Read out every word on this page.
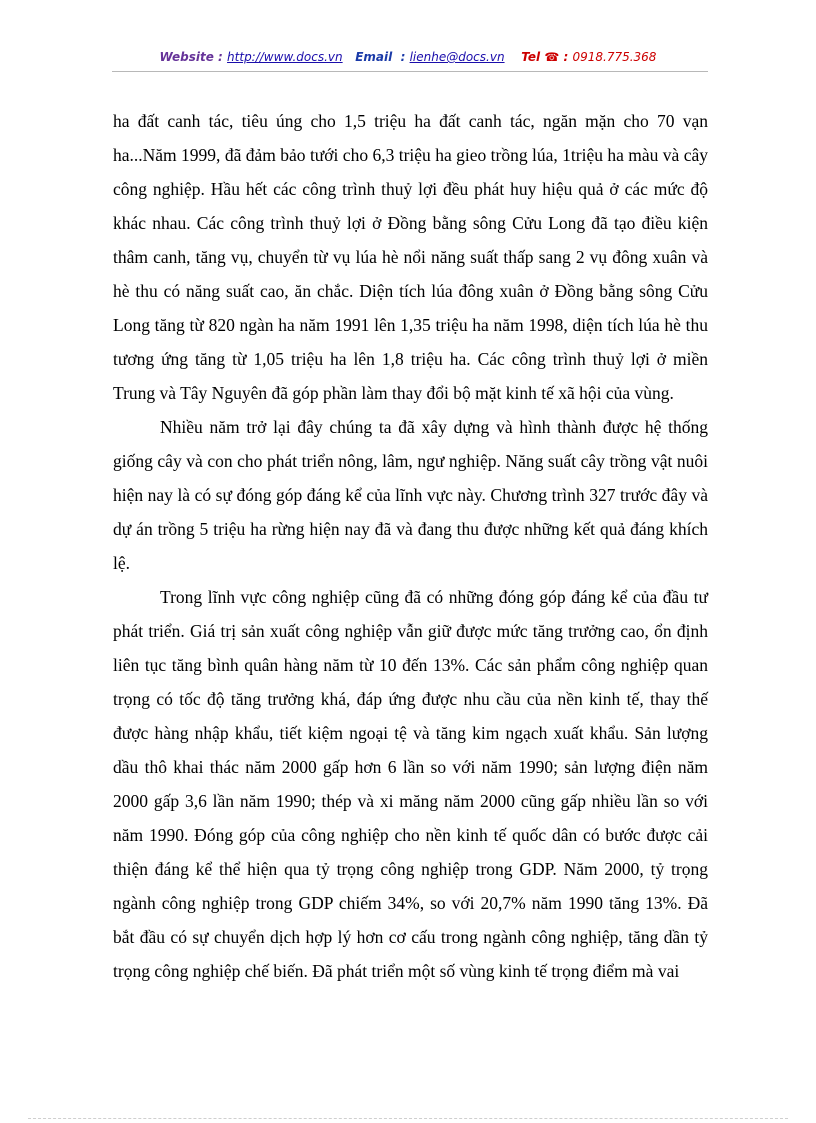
Website : http://www.docs.vn Email : lienhe@docs.vn Tel ☎ : 0918.775.368

ha đất canh tác, tiêu úng cho 1,5 triệu ha đất canh tác, ngăn mặn cho 70 vạn ha...Năm 1999, đã đảm bảo tưới cho 6,3 triệu ha gieo trồng lúa, 1triệu ha màu và cây công nghiệp. Hầu hết các công trình thuỷ lợi đều phát huy hiệu quả ở các mức độ khác nhau. Các công trình thuỷ lợi ở Đồng bằng sông Cửu Long đã tạo điều kiện thâm canh, tăng vụ, chuyển từ vụ lúa hè nổi năng suất thấp sang 2 vụ đông xuân và hè thu có năng suất cao, ăn chắc. Diện tích lúa đông xuân ở Đồng bằng sông Cửu Long tăng từ 820 ngàn ha năm 1991 lên 1,35 triệu ha năm 1998, diện tích lúa hè thu tương ứng tăng từ 1,05 triệu ha lên 1,8 triệu ha. Các công trình thuỷ lợi ở miền Trung và Tây Nguyên đã góp phần làm thay đổi bộ mặt kinh tế xã hội của vùng.

Nhiều năm trở lại đây chúng ta đã xây dựng và hình thành được hệ thống giống cây và con cho phát triển nông, lâm, ngư nghiệp. Năng suất cây trồng vật nuôi hiện nay là có sự đóng góp đáng kể của lĩnh vực này. Chương trình 327 trước đây và dự án trồng 5 triệu ha rừng hiện nay đã và đang thu được những kết quả đáng khích lệ.

Trong lĩnh vực công nghiệp cũng đã có những đóng góp đáng kể của đầu tư phát triển. Giá trị sản xuất công nghiệp vẫn giữ được mức tăng trưởng cao, ổn định liên tục tăng bình quân hàng năm từ 10 đến 13%. Các sản phẩm công nghiệp quan trọng có tốc độ tăng trưởng khá, đáp ứng được nhu cầu của nền kinh tế, thay thế được hàng nhập khẩu, tiết kiệm ngoại tệ và tăng kim ngạch xuất khẩu. Sản lượng dầu thô khai thác năm 2000 gấp hơn 6 lần so với năm 1990; sản lượng điện năm 2000 gấp 3,6 lần năm 1990; thép và xi măng năm 2000 cũng gấp nhiều lần so với năm 1990. Đóng góp của công nghiệp cho nền kinh tế quốc dân có bước được cải thiện đáng kể thể hiện qua tỷ trọng công nghiệp trong GDP. Năm 2000, tỷ trọng ngành công nghiệp trong GDP chiếm 34%, so với 20,7% năm 1990 tăng 13%. Đã bắt đầu có sự chuyển dịch hợp lý hơn cơ cấu trong ngành công nghiệp, tăng dần tỷ trọng công nghiệp chế biến. Đã phát triển một số vùng kinh tế trọng điểm mà vai
